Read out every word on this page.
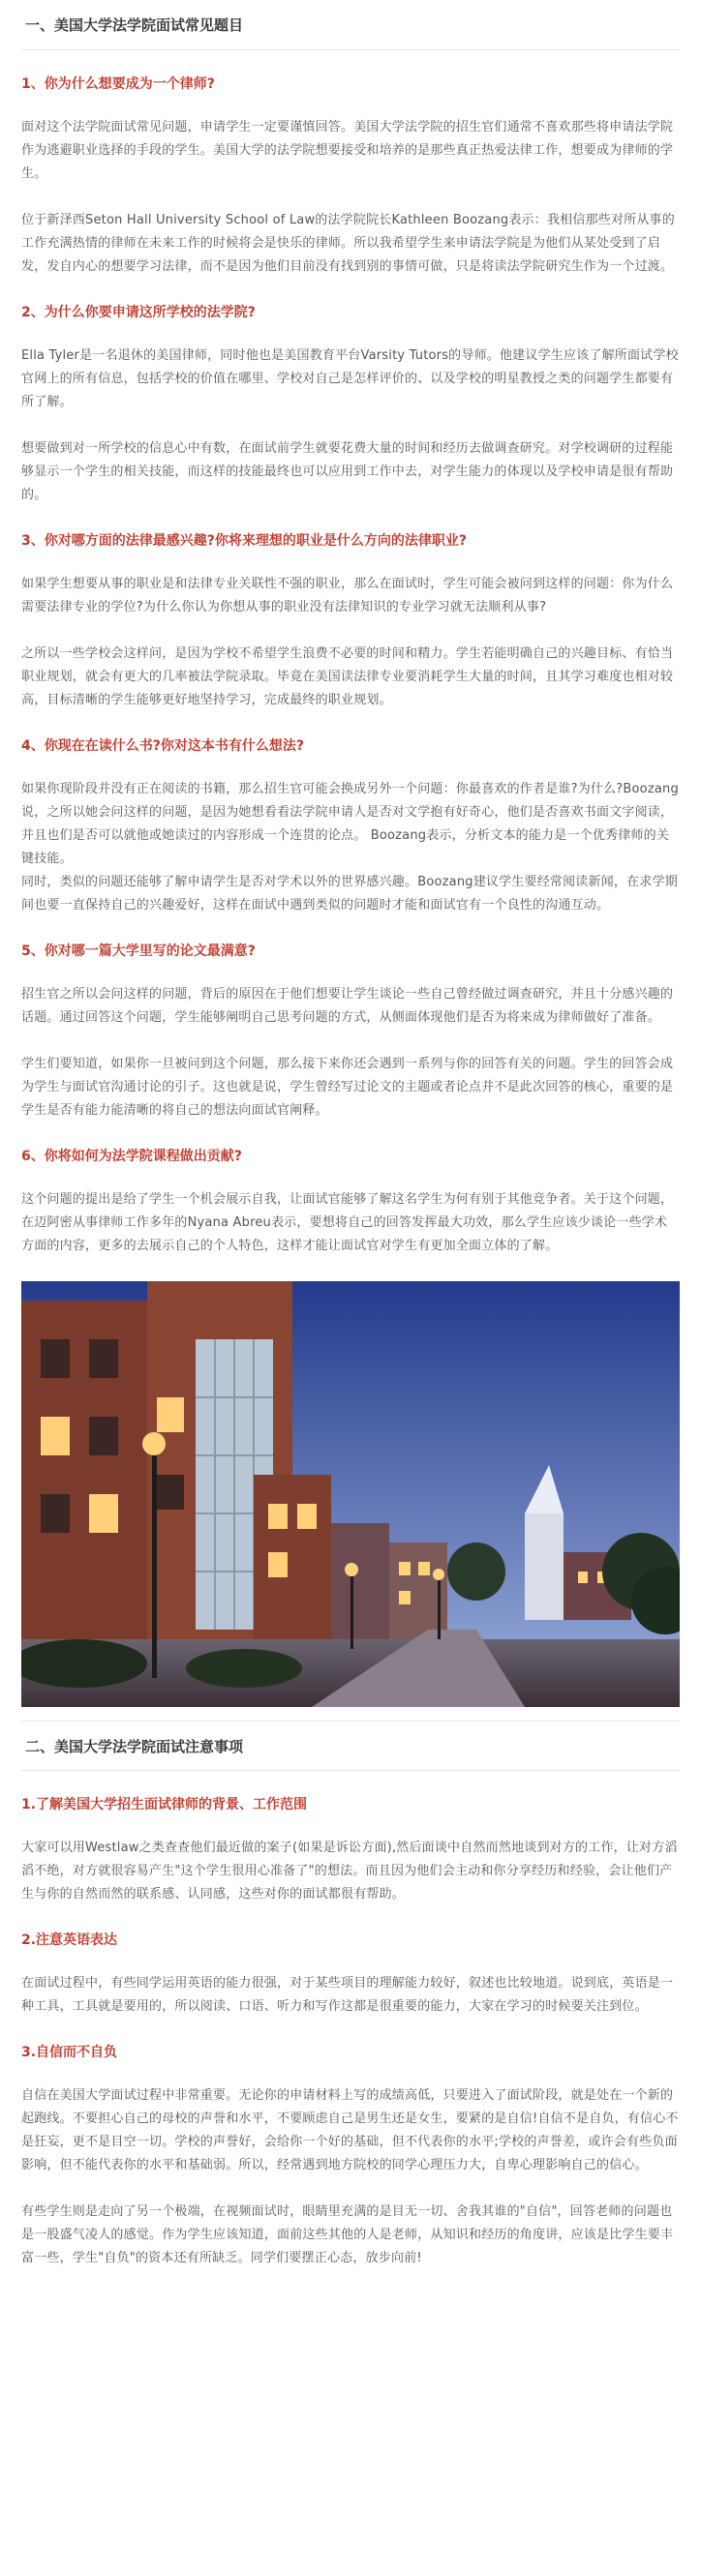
一、美国大学法学院面试常见题目
1、你为什么想要成为一个律师?

面对这个法学院面试常见问题，申请学生一定要谨慎回答。美国大学法学院的招生官们通常不喜欢那些将申请法学院作为逃避职业选择的手段的学生。美国大学的法学院想要接受和培养的是那些真正热爱法律工作，想要成为律师的学生。

位于新泽西Seton Hall University School of Law的法学院院长Kathleen Boozang表示：我相信那些对所从事的工作充满热情的律师在未来工作的时候将会是快乐的律师。所以我希望学生来申请法学院是为他们从某处受到了启发，发自内心的想要学习法律，而不是因为他们目前没有找到别的事情可做，只是将读法学院研究生作为一个过渡。

2、为什么你要申请这所学校的法学院?

Ella Tyler是一名退休的美国律师，同时他也是美国教育平台Varsity Tutors的导师。他建议学生应该了解所面试学校官网上的所有信息，包括学校的价值在哪里、学校对自己是怎样评价的、以及学校的明星教授之类的问题学生都要有所了解。

想要做到对一所学校的信息心中有数，在面试前学生就要花费大量的时间和经历去做调查研究。对学校调研的过程能够显示一个学生的相关技能，而这样的技能最终也可以应用到工作中去，对学生能力的体现以及学校申请是很有帮助的。

3、你对哪方面的法律最感兴趣?你将来理想的职业是什么方向的法律职业?

如果学生想要从事的职业是和法律专业关联性不强的职业，那么在面试时，学生可能会被问到这样的问题：你为什么需要法律专业的学位?为什么你认为你想从事的职业没有法律知识的专业学习就无法顺利从事?

之所以一些学校会这样问，是因为学校不希望学生浪费不必要的时间和精力。学生若能明确自己的兴趣目标、有恰当职业规划，就会有更大的几率被法学院录取。毕竟在美国读法律专业要消耗学生大量的时间，且其学习难度也相对较高，目标清晰的学生能够更好地坚持学习，完成最终的职业规划。

4、你现在在读什么书?你对这本书有什么想法?

如果你现阶段并没有正在阅读的书籍，那么招生官可能会换成另外一个问题：你最喜欢的作者是谁?为什么?Boozang说，之所以她会问这样的问题，是因为她想看看法学院申请人是否对文学抱有好奇心，他们是否喜欢书面文字阅读，并且也们是否可以就他或她读过的内容形成一个连贯的论点。 Boozang表示，分析文本的能力是一个优秀律师的关键技能。

同时，类似的问题还能够了解申请学生是否对学术以外的世界感兴趣。Boozang建议学生要经常阅读新闻，在求学期间也要一直保持自己的兴趣爱好，这样在面试中遇到类似的问题时才能和面试官有一个良性的沟通互动。

5、你对哪一篇大学里写的论文最满意?

招生官之所以会问这样的问题，背后的原因在于他们想要让学生谈论一些自己曾经做过调查研究，并且十分感兴趣的话题。通过回答这个问题，学生能够阐明自己思考问题的方式，从侧面体现他们是否为将来成为律师做好了准备。

学生们要知道，如果你一旦被问到这个问题，那么接下来你还会遇到一系列与你的回答有关的问题。学生的回答会成为学生与面试官沟通讨论的引子。这也就是说，学生曾经写过论文的主题或者论点并不是此次回答的核心，重要的是学生是否有能力能清晰的将自己的想法向面试官阐释。

6、你将如何为法学院课程做出贡献?

这个问题的提出是给了学生一个机会展示自我，让面试官能够了解这名学生为何有别于其他竞争者。关于这个问题，在迈阿密从事律师工作多年的Nyana Abreu表示，要想将自己的回答发挥最大功效，那么学生应该少谈论一些学术方面的内容，更多的去展示自己的个人特色，这样才能让面试官对学生有更加全面立体的了解。

二、美国大学法学院面试注意事项
1.了解美国大学招生面试律师的背景、工作范围

大家可以用Westlaw之类查查他们最近做的案子(如果是诉讼方面),然后面谈中自然而然地谈到对方的工作，让对方滔滔不绝，对方就很容易产生"这个学生很用心准备了"的想法。而且因为他们会主动和你分享经历和经验，会让他们产生与你的自然而然的联系感、认同感，这些对你的面试都很有帮助。

2.注意英语表达

在面试过程中，有些同学运用英语的能力很强，对于某些项目的理解能力较好，叙述也比较地道。说到底，英语是一种工具，工具就是要用的，所以阅读、口语、听力和写作这都是很重要的能力，大家在学习的时候要关注到位。

3.自信而不自负

自信在美国大学面试过程中非常重要。无论你的申请材料上写的成绩高低，只要进入了面试阶段，就是处在一个新的起跑线。不要担心自己的母校的声誉和水平，不要顾虑自己是男生还是女生，要紧的是自信!自信不是自负，有信心不是狂妄，更不是目空一切。学校的声誉好，会给你一个好的基础，但不代表你的水平;学校的声誉差，或许会有些负面影响，但不能代表你的水平和基础弱。所以，经常遇到地方院校的同学心理压力大，自卑心理影响自己的信心。

有些学生则是走向了另一个极端，在视频面试时，眼睛里充满的是目无一切、舍我其谁的"自信"，回答老师的问题也是一股盛气凌人的感觉。作为学生应该知道，面前这些其他的人是老师，从知识和经历的角度讲，应该是比学生要丰富一些，学生"自负"的资本还有所缺乏。同学们要摆正心态，放步向前!
